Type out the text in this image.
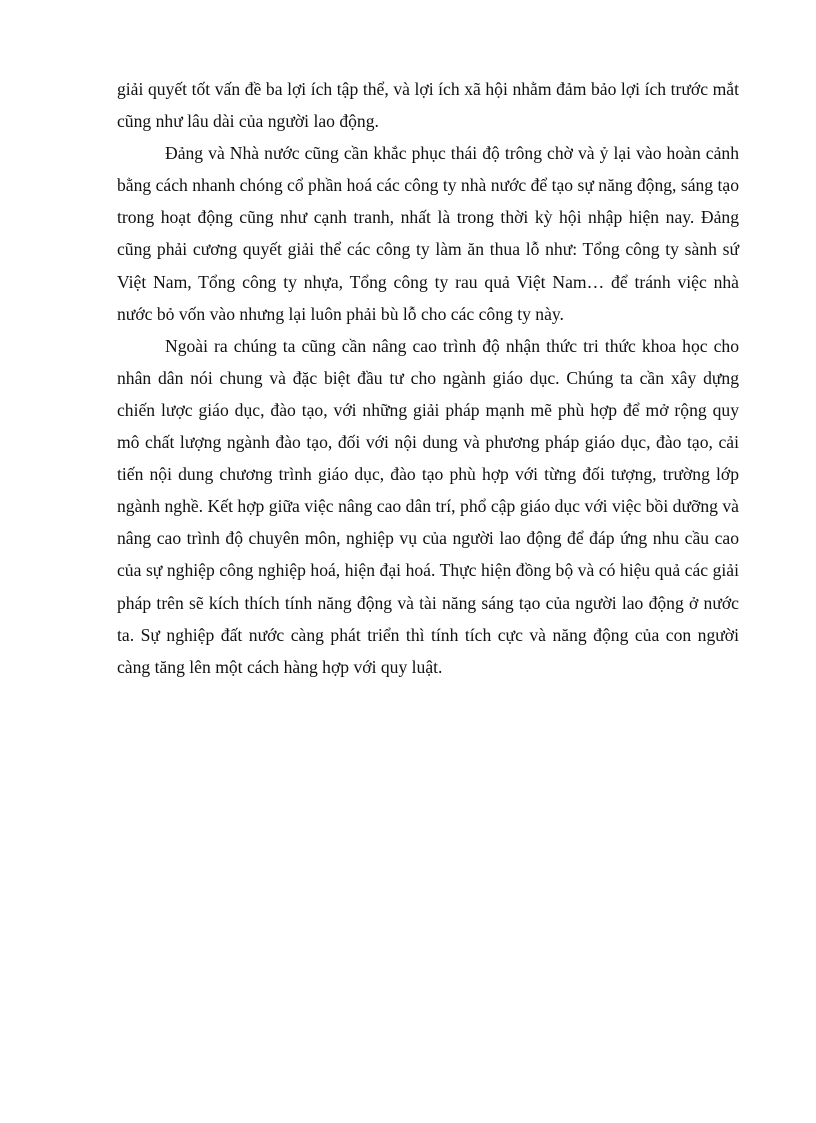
giải quyết tốt vấn đề ba lợi ích tập thể, và lợi ích xã hội nhằm đảm bảo lợi ích trước mắt cũng như lâu dài của người lao động.

Đảng và Nhà nước cũng cần khắc phục thái độ trông chờ và ỷ lại vào hoàn cảnh bằng cách nhanh chóng cổ phần hoá các công ty nhà nước để tạo sự năng động, sáng tạo trong hoạt động cũng như cạnh tranh, nhất là trong thời kỳ hội nhập hiện nay. Đảng cũng phải cương quyết giải thể các công ty làm ăn thua lỗ như: Tổng công ty sành sứ Việt Nam, Tổng công ty nhựa, Tổng công ty rau quả Việt Nam… để tránh việc nhà nước bỏ vốn vào nhưng lại luôn phải bù lỗ cho các công ty này.

Ngoài ra chúng ta cũng cần nâng cao trình độ nhận thức tri thức khoa học cho nhân dân nói chung và đặc biệt đầu tư cho ngành giáo dục. Chúng ta cần xây dựng chiến lược giáo dục, đào tạo, với những giải pháp mạnh mẽ phù hợp để mở rộng quy mô chất lượng ngành đào tạo, đối với nội dung và phương pháp giáo dục, đào tạo, cải tiến nội dung chương trình giáo dục, đào tạo phù hợp với từng đối tượng, trường lớp ngành nghề. Kết hợp giữa việc nâng cao dân trí, phổ cập giáo dục với việc bồi dưỡng và nâng cao trình độ chuyên môn, nghiệp vụ của người lao động để đáp ứng nhu cầu cao của sự nghiệp công nghiệp hoá, hiện đại hoá. Thực hiện đồng bộ và có hiệu quả các giải pháp trên sẽ kích thích tính năng động và tài năng sáng tạo của người lao động ở nước ta. Sự nghiệp đất nước càng phát triển thì tính tích cực và năng động của con người càng tăng lên một cách hàng hợp với quy luật.
